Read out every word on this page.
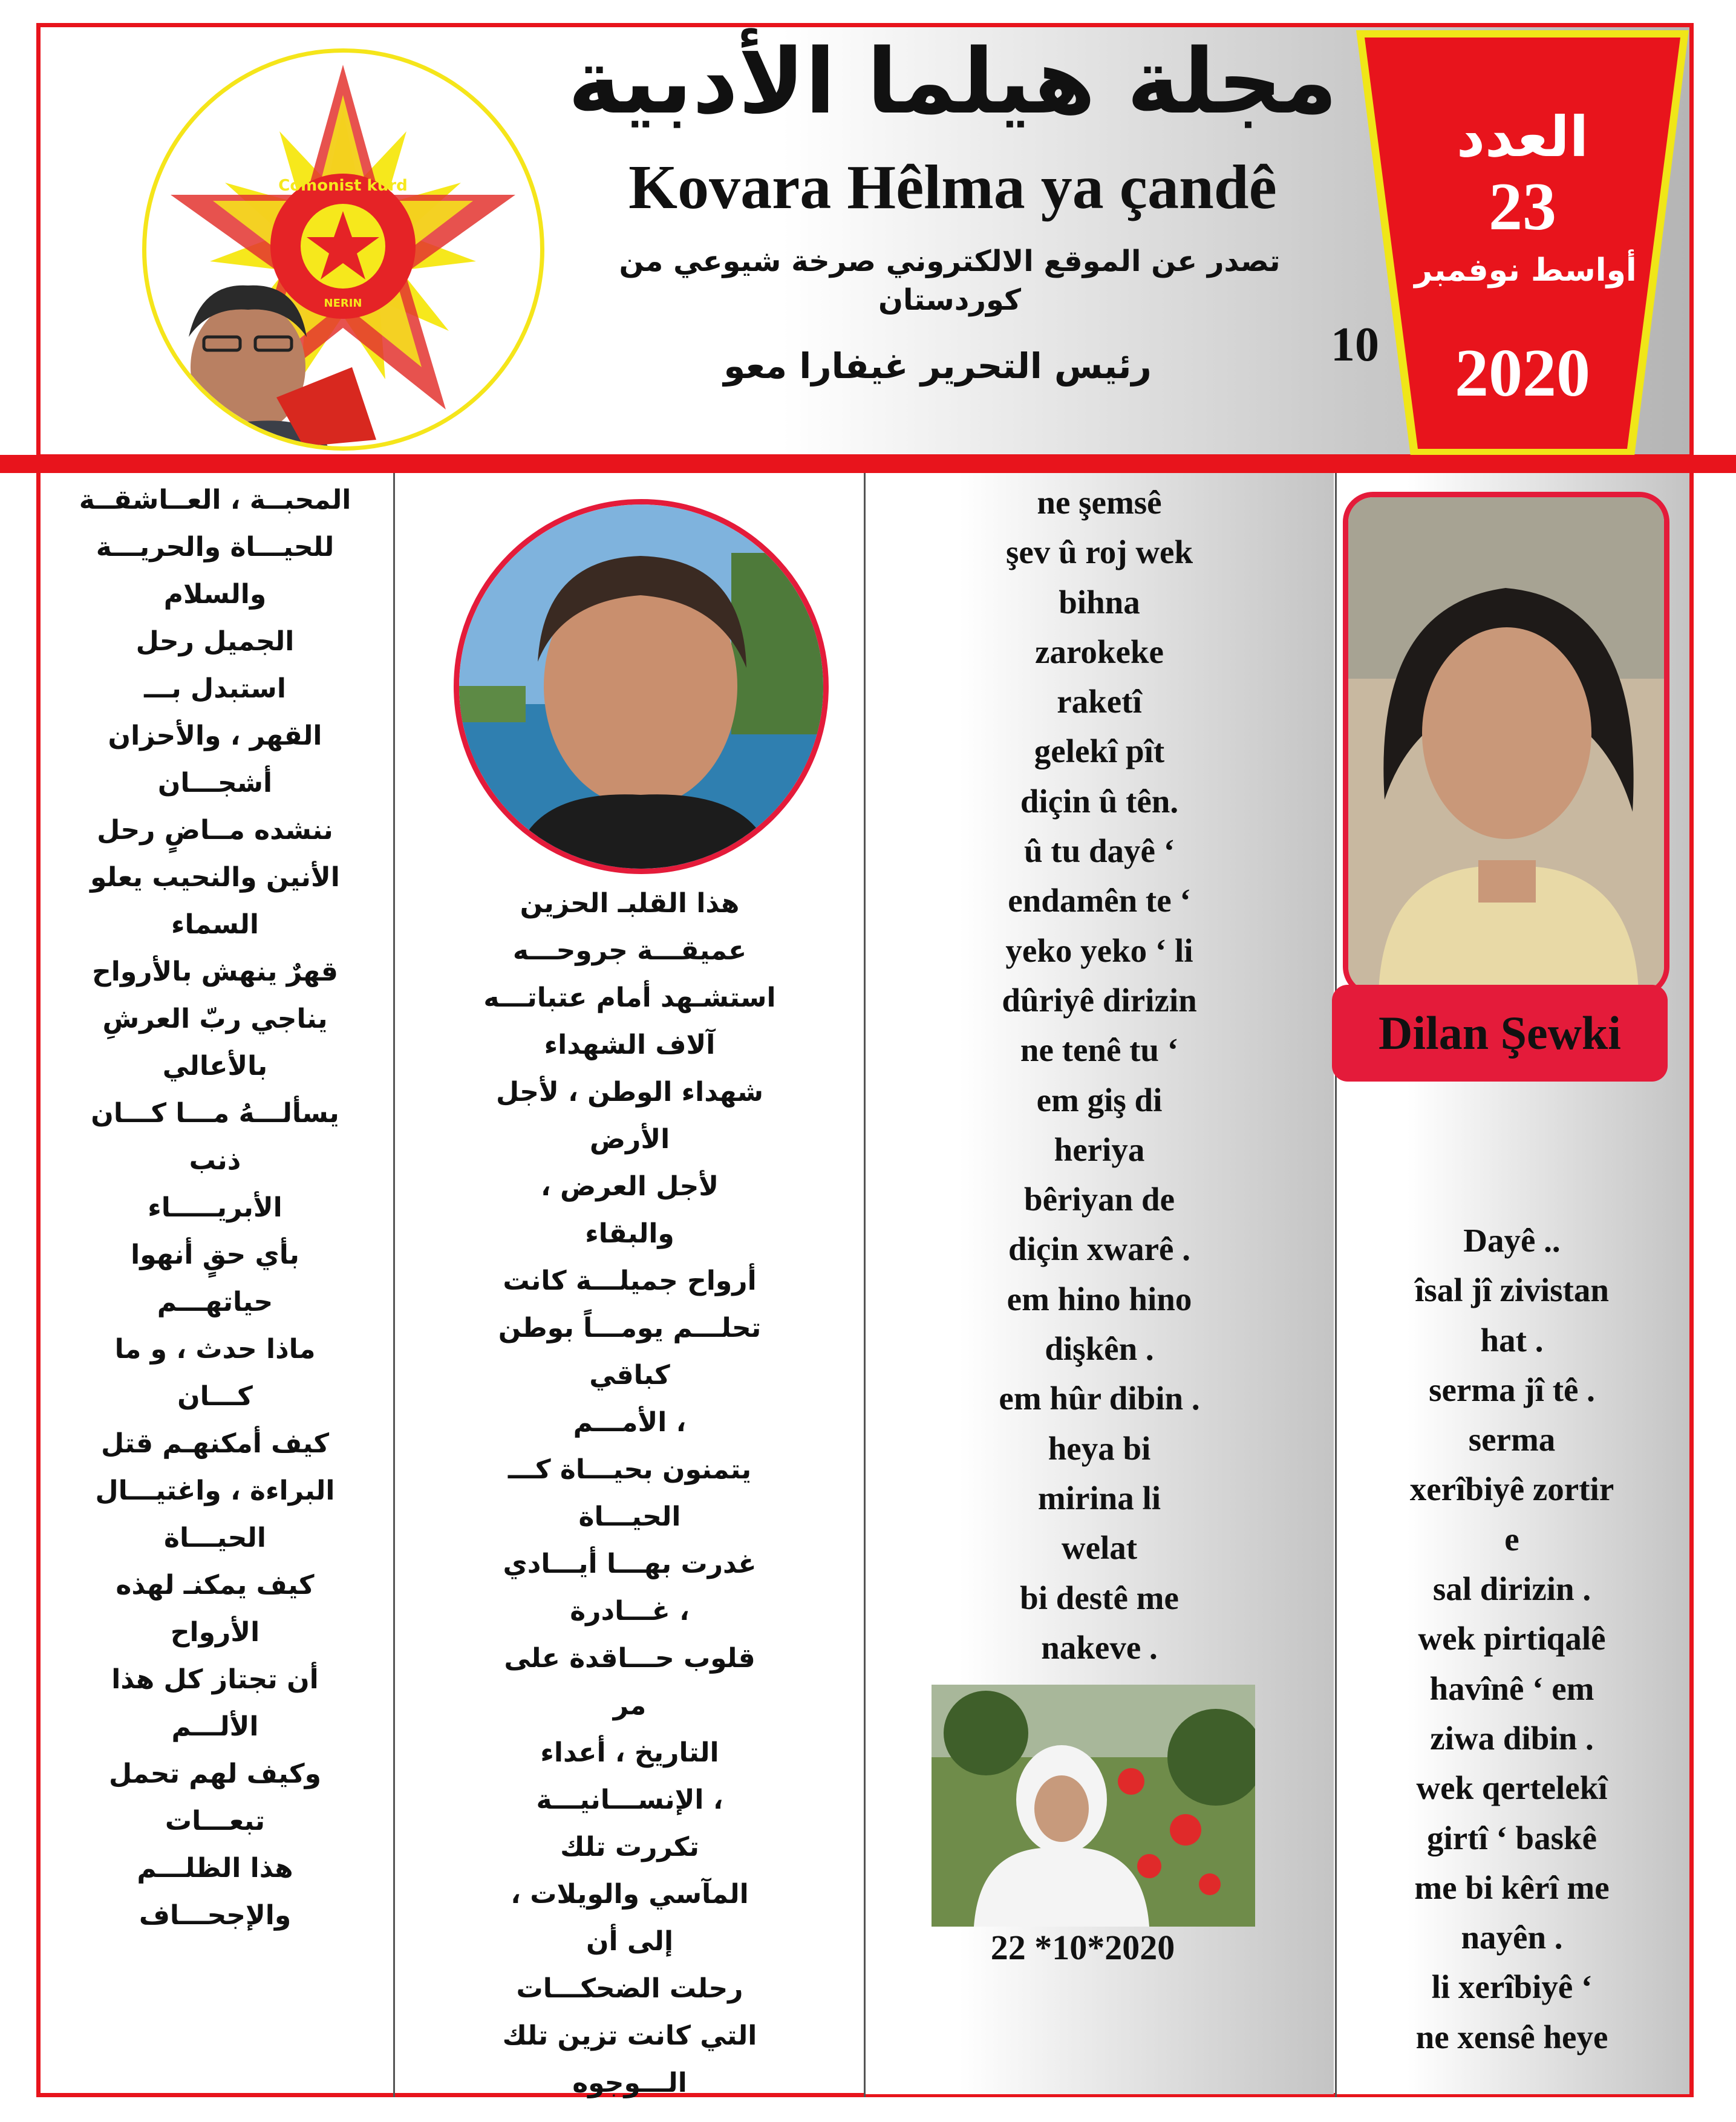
Comonist kurd
NERIN
مجلة هيلما الأدبية
Kovara Hêlma ya çandê
تصدر عن الموقع الالكتروني صرخة شيوعي من كوردستان
رئيس التحرير غيفارا معو	10
العدد
23
أواسط نوفمبر
2020
المحبــة ، العــاشقــة
للحيـــاة والحريـــة
والسلام
الجميل رحل
استبدل بـــ
القهر ، والأحزان
أشجـــان
ننشده مــاضٍ رحل
الأنين والنحيب يعلو
السماء
قهرٌ ينهش بالأرواح
يناجي ربّ العرشِ
بالأعالي
يسألـــهُ مـــا كـــان
ذنب
الأبريـــــاء
بأي حقٍ أنهوا
حياتهـــم
ماذا حدث ، و ما
كـــان
كيف أمكنهـم قتل
البراءة ، واغتيـــال
الحيـــاة
كيف يمكنـ لهذه
الأرواح
أن تجتاز كل هذا
الألـــم
وكيف لهم تحمل
تبعـــات
هذا الظلـــم
والإجحـــاف
هذا القلبـ الحزين
عميقـــة جروحـــه
استشـهد أمام عتباتـــه
آلاف الشهداء
شهداء الوطن ، لأجل
الأرض
لأجل العرض ،
والبقاء
أرواح جميلـــة كانت
تحلـــم يومـــاً بوطن
كباقي
، الأمـــم
يتمنون بحيـــاة كـــ
الحيـــاة
غدرت بهـــا أيـــادي
، غـــادرة
قلوب حـــاقدة على
مر
التاريخ ، أعداء
، الإنســـانيـــة
تكررت تلك
المآسي والويلات ،
إلى أن
رحلت الضحكـــات
التي كانت تزين تلك
الـــوجوه
ne şemsê
şev û roj wek
bihna
zarokeke
raketî
gelekî pît
diçin û tên.
û tu dayê ‘
endamên te ‘
yeko yeko ‘ li
dûriyê dirizin
ne tenê tu ‘
em giş di
heriya
bêriyan de
diçin xwarê .
em hino hino
dişkên .
em hûr dibin .
heya bi
mirina li
welat
bi destê me
nakeve .
22 *10*2020
Dilan Şewki
Dayê ..
îsal jî zivistan
hat .
serma jî tê .
serma
xerîbiyê zortir
e
sal dirizin .
wek pirtiqalê
havînê ‘ em
ziwa dibin .
wek qertelekî
girtî ‘ baskê
me bi kêrî me
nayên .
li xerîbiyê ‘
ne xensê heye
